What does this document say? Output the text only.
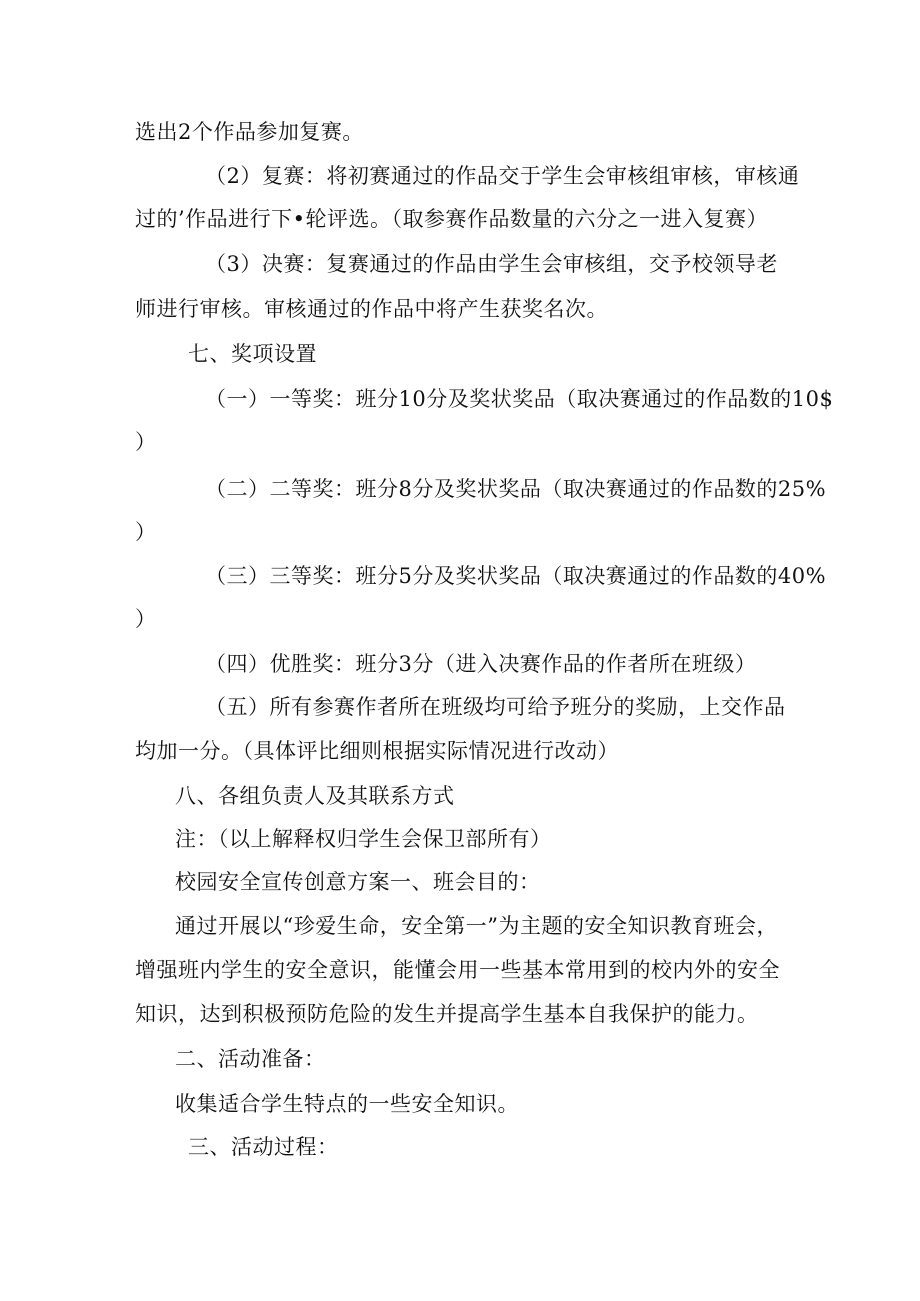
选出2个作品参加复赛。
（2）复赛：将初赛通过的作品交于学生会审核组审核，审核通
过的’作品进行下•轮评选。（取参赛作品数量的六分之一进入复赛）
（3）决赛：复赛通过的作品由学生会审核组，交予校领导老
师进行审核。审核通过的作品中将产生获奖名次。
七、奖项设置
（一）一等奖：班分10分及奖状奖品（取决赛通过的作品数的10$
）
（二）二等奖：班分8分及奖状奖品（取决赛通过的作品数的25%
）
（三）三等奖：班分5分及奖状奖品（取决赛通过的作品数的40%
）
（四）优胜奖：班分3分（进入决赛作品的作者所在班级）
（五）所有参赛作者所在班级均可给予班分的奖励，上交作品
均加一分。（具体评比细则根据实际情况进行改动）
八、各组负责人及其联系方式
注：（以上解释权归学生会保卫部所有）
校园安全宣传创意方案一、班会目的：
通过开展以“珍爱生命，安全第一”为主题的安全知识教育班会，
增强班内学生的安全意识，能懂会用一些基本常用到的校内外的安全
知识，达到积极预防危险的发生并提高学生基本自我保护的能力。
二、活动准备：
收集适合学生特点的一些安全知识。
三、活动过程：
